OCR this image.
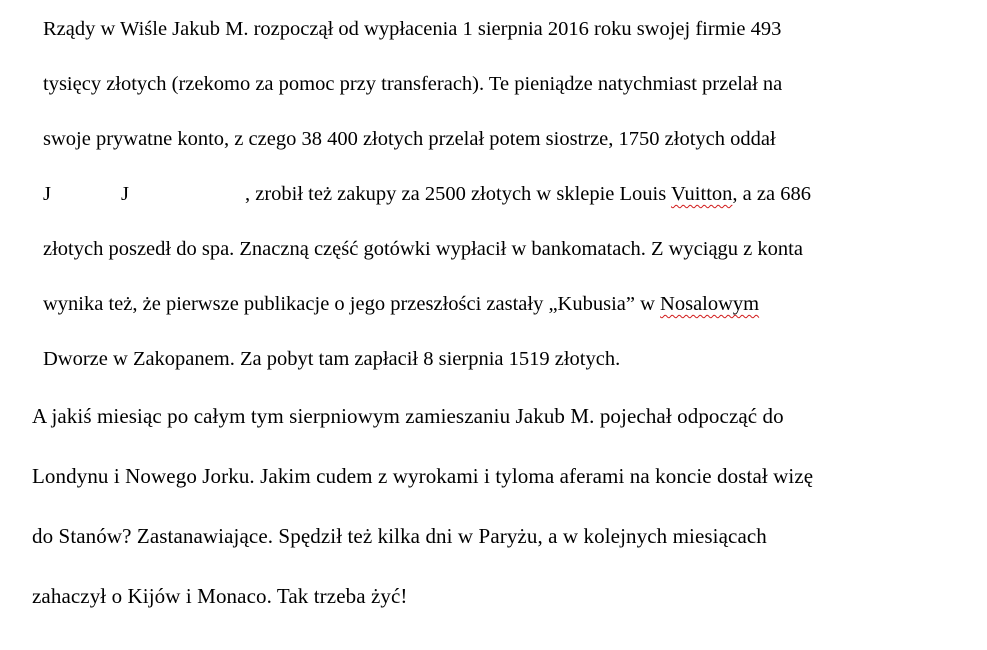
Rządy w Wiśle Jakub M. rozpoczął od wypłacenia 1 sierpnia 2016 roku swojej firmie 493
tysięcy złotych (rzekomo za pomoc przy transferach). Te pieniądze natychmiast przelał na
swoje prywatne konto, z czego 38 400 złotych przelał potem siostrze, 1750 złotych oddał
J	J	, zrobił też zakupy za 2500 złotych w sklepie Louis Vuitton, a za 686
złotych poszedł do spa. Znaczną część gotówki wypłacił w bankomatach. Z wyciągu z konta
wynika też, że pierwsze publikacje o jego przeszłości zastały „Kubusia” w Nosalowym
Dworze w Zakopanem. Za pobyt tam zapłacił 8 sierpnia 1519 złotych.
A jakiś miesiąc po całym tym sierpniowym zamieszaniu Jakub M. pojechał odpocząć do
Londynu i Nowego Jorku. Jakim cudem z wyrokami i tyloma aferami na koncie dostał wizę
do Stanów? Zastanawiające. Spędził też kilka dni w Paryżu, a w kolejnych miesiącach
zahaczył o Kijów i Monaco. Tak trzeba żyć!
